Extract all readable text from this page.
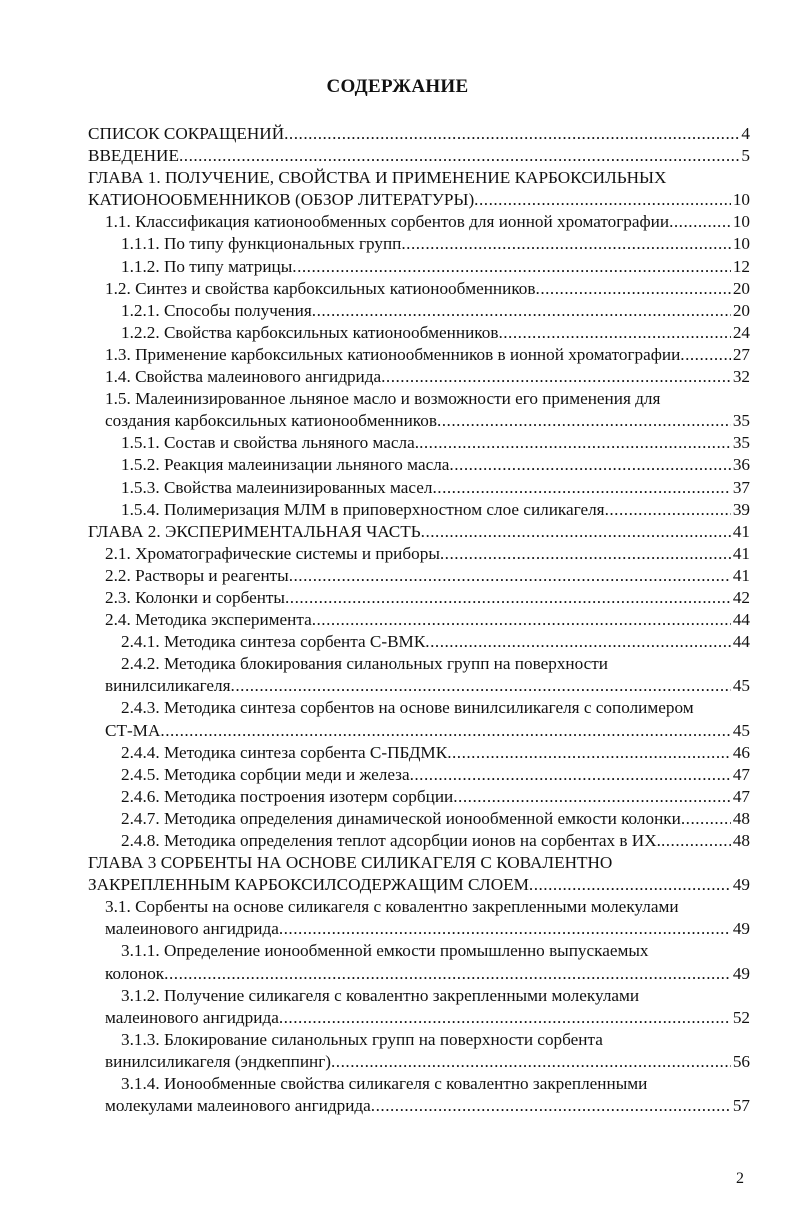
СОДЕРЖАНИЕ
СПИСОК СОКРАЩЕНИЙ .....	4
ВВЕДЕНИЕ .....	5
ГЛАВА 1. ПОЛУЧЕНИЕ, СВОЙСТВА И ПРИМЕНЕНИЕ КАРБОКСИЛЬНЫХ
КАТИОНООБМЕННИКОВ (ОБЗОР ЛИТЕРАТУРЫ) .....	10
1.1. Классификация катионообменных сорбентов для ионной хроматографии .....	10
1.1.1. По типу функциональных групп .....	10
1.1.2. По типу матрицы .....	12
1.2. Синтез и свойства карбоксильных катионообменников .....	20
1.2.1. Способы получения .....	20
1.2.2. Свойства карбоксильных катионообменников .....	24
1.3. Применение карбоксильных катионообменников в ионной хроматографии .....	27
1.4. Свойства малеинового ангидрида .....	32
1.5. Малеинизированное льняное масло и возможности его применения для
создания карбоксильных катионообменников .....	35
1.5.1. Состав и свойства льняного масла. .....	35
1.5.2. Реакция малеинизации льняного масла .....	36
1.5.3. Свойства малеинизированных масел .....	37
1.5.4. Полимеризация МЛМ в приповерхностном слое силикагеля .....	39
ГЛАВА 2. ЭКСПЕРИМЕНТАЛЬНАЯ ЧАСТЬ .....	41
2.1. Хроматографические системы и приборы .....	41
2.2. Растворы и реагенты .....	41
2.3. Колонки и сорбенты .....	42
2.4. Методика эксперимента .....	44
2.4.1. Методика синтеза сорбента С-ВМК .....	44
2.4.2. Методика блокирования силанольных групп на поверхности
винилсиликагеля .....	45
2.4.3. Методика синтеза сорбентов на основе винилсиликагеля с сополимером
СТ-МА .....	45
2.4.4. Методика синтеза сорбента С-ПБДМК .....	46
2.4.5. Методика сорбции меди и железа .....	47
2.4.6. Методика построения изотерм сорбции .....	47
2.4.7. Методика определения динамической ионообменной емкости колонки .....	48
2.4.8. Методика определения теплот адсорбции ионов на сорбентах в ИХ. .....	48
ГЛАВА 3 СОРБЕНТЫ НА ОСНОВЕ СИЛИКАГЕЛЯ С КОВАЛЕНТНО
ЗАКРЕПЛЕННЫМ КАРБОКСИЛСОДЕРЖАЩИМ СЛОЕМ .....	49
3.1. Сорбенты на основе силикагеля с ковалентно закрепленными молекулами
малеинового ангидрида .....	49
3.1.1. Определение ионообменной емкости промышленно выпускаемых
колонок .....	49
3.1.2. Получение силикагеля с ковалентно закрепленными молекулами
малеинового ангидрида .....	52
3.1.3. Блокирование силанольных групп на поверхности сорбента
винилсиликагеля (эндкеппинг) .....	56
3.1.4. Ионообменные свойства силикагеля с ковалентно закрепленными
молекулами малеинового ангидрида .....	57
2
